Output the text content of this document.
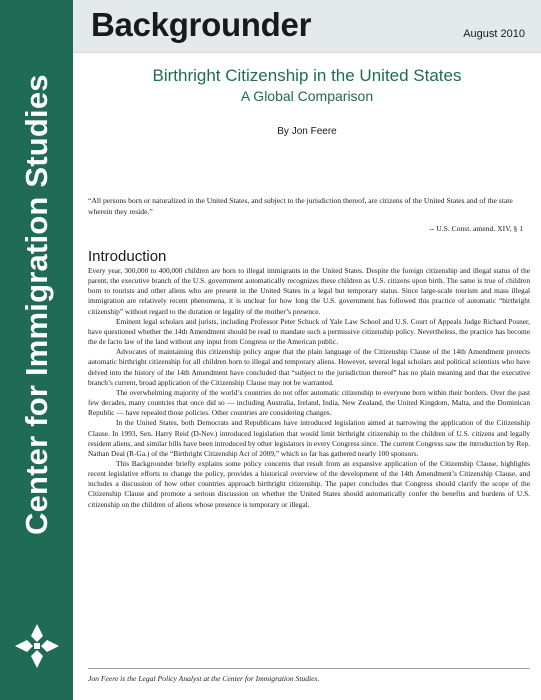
Center for Immigration Studies
Backgrounder	August 2010
Birthright Citizenship in the United States
A Global Comparison
By Jon Feere
“All persons born or naturalized in the United States, and subject to the jurisdiction thereof, are citizens of the United States and of the state wherein they reside.”
-- U.S. Const. amend. XIV, § 1
Introduction

Every year, 300,000 to 400,000 children are born to illegal immigrants in the United States. Despite the foreign citizenship and illegal status of the parent, the executive branch of the U.S. government automatically recognizes these children as U.S. citizens upon birth. The same is true of children born to tourists and other aliens who are present in the United States in a legal but temporary status. Since large-scale tourism and mass illegal immigration are relatively recent phenomena, it is unclear for how long the U.S. government has followed this practice of automatic “birthright citizenship” without regard to the duration or legality of the mother’s presence.

Eminent legal scholars and jurists, including Professor Peter Schuck of Yale Law School and U.S. Court of Appeals Judge Richard Posner, have questioned whether the 14th Amendment should be read to mandate such a permissive citizenship policy. Nevertheless, the practice has become the de facto law of the land without any input from Congress or the American public.

Advocates of maintaining this citizenship policy argue that the plain language of the Citizenship Clause of the 14th Amendment protects automatic birthright citizenship for all children born to illegal and temporary aliens. However, several legal scholars and political scientists who have delved into the history of the 14th Amendment have concluded that “subject to the jurisdiction thereof” has no plain meaning and that the executive branch’s current, broad application of the Citizenship Clause may not be warranted.

The overwhelming majority of the world’s countries do not offer automatic citizenship to everyone born within their borders. Over the past few decades, many countries that once did so — including Australia, Ireland, India, New Zealand, the United Kingdom, Malta, and the Dominican Republic — have repealed those policies. Other countries are considering changes.

In the United States, both Democrats and Republicans have introduced legislation aimed at narrowing the application of the Citizenship Clause. In 1993, Sen. Harry Reid (D-Nev.) introduced legislation that would limit birthright citizenship to the children of U.S. citizens and legally resident aliens, and similar bills have been introduced by other legislators in every Congress since. The current Congress saw the introduction by Rep. Nathan Deal (R-Ga.) of the “Birthright Citizenship Act of 2009,” which so far has gathered nearly 100 sponsors.

This Backgrounder briefly explains some policy concerns that result from an expansive application of the Citizenship Clause, highlights recent legislative efforts to change the policy, provides a historical overview of the development of the 14th Amendment’s Citizenship Clause, and includes a discussion of how other countries approach birthright citizenship. The paper concludes that Congress should clarify the scope of the Citizenship Clause and promote a serious discussion on whether the United States should automatically confer the benefits and burdens of U.S. citizenship on the children of aliens whose presence is temporary or illegal.

Jon Feere is the Legal Policy Analyst at the Center for Immigration Studies.
